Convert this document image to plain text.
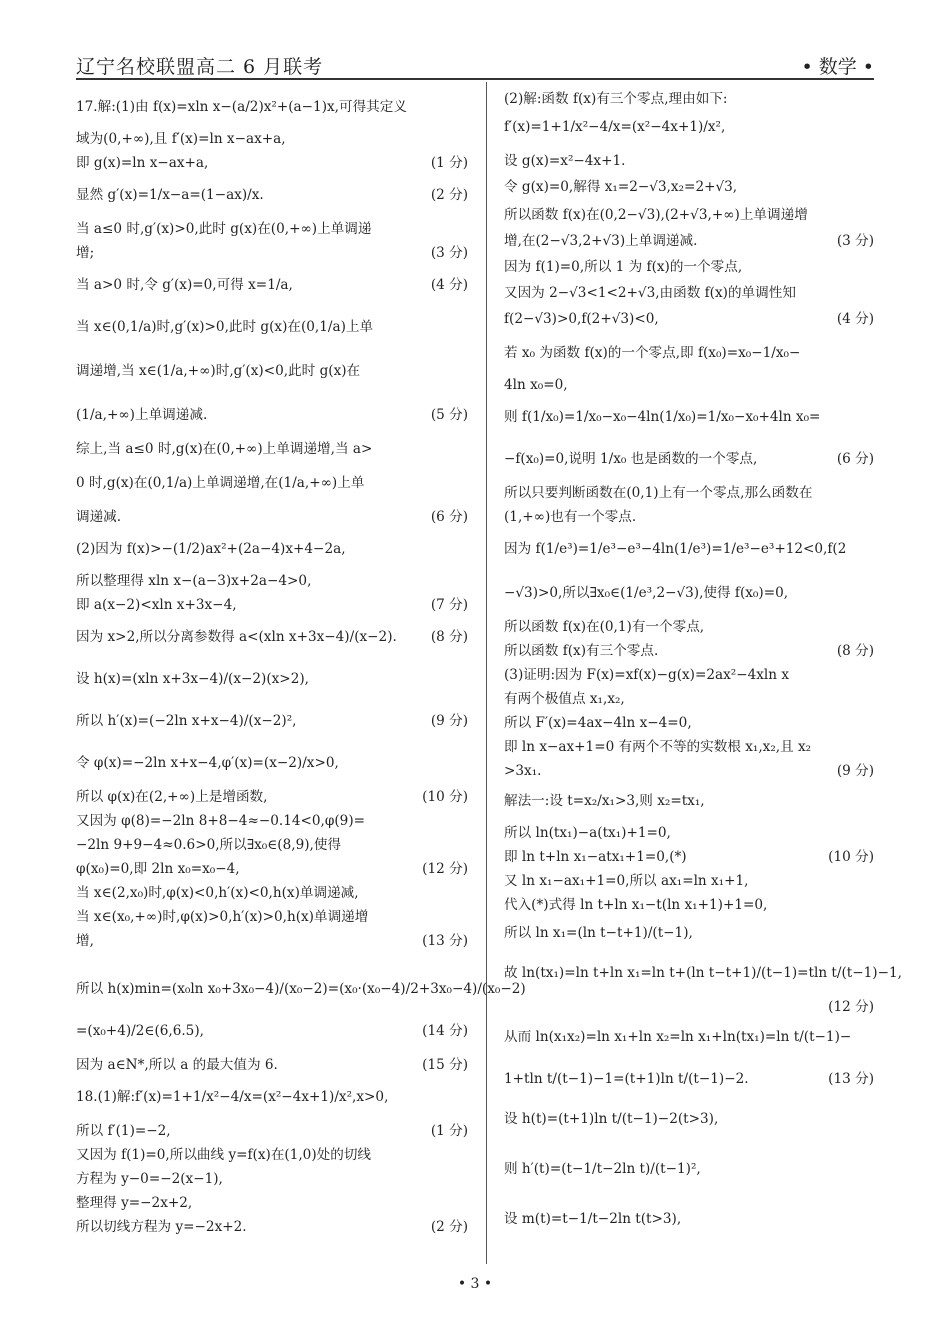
辽宁名校联盟高二 6 月联考	• 数学 •
17.解:(1)由 f(x)=xln x−(a/2)x²+(a−1)x,可得其定义
域为(0,+∞),且 f′(x)=ln x−ax+a,
即 g(x)=ln x−ax+a,	(1 分)
显然 g′(x)=1/x−a=(1−ax)/x.	(2 分)
当 a≤0 时,g′(x)>0,此时 g(x)在(0,+∞)上单调递
增;	(3 分)
当 a>0 时,令 g′(x)=0,可得 x=1/a,	(4 分)
当 x∈(0,1/a)时,g′(x)>0,此时 g(x)在(0,1/a)上单
调递增,当 x∈(1/a,+∞)时,g′(x)<0,此时 g(x)在
(1/a,+∞)上单调递减.	(5 分)
综上,当 a≤0 时,g(x)在(0,+∞)上单调递增,当 a>
0 时,g(x)在(0,1/a)上单调递增,在(1/a,+∞)上单
调递减.	(6 分)
(2)因为 f(x)>−(1/2)ax²+(2a−4)x+4−2a,
所以整理得 xln x−(a−3)x+2a−4>0,
即 a(x−2)<xln x+3x−4,	(7 分)
因为 x>2,所以分离参数得 a<(xln x+3x−4)/(x−2).	(8 分)
设 h(x)=(xln x+3x−4)/(x−2)(x>2),
所以 h′(x)=(−2ln x+x−4)/(x−2)²,	(9 分)
令 φ(x)=−2ln x+x−4,φ′(x)=(x−2)/x>0,
所以 φ(x)在(2,+∞)上是增函数,	(10 分)
又因为 φ(8)=−2ln 8+8−4≈−0.14<0,φ(9)=
−2ln 9+9−4≈0.6>0,所以∃x₀∈(8,9),使得
φ(x₀)=0,即 2ln x₀=x₀−4,	(12 分)
当 x∈(2,x₀)时,φ(x)<0,h′(x)<0,h(x)单调递减,
当 x∈(x₀,+∞)时,φ(x)>0,h′(x)>0,h(x)单调递增
增,	(13 分)
所以 h(x)min=(x₀ln x₀+3x₀−4)/(x₀−2)=(x₀·(x₀−4)/2+3x₀−4)/(x₀−2)
=(x₀+4)/2∈(6,6.5),	(14 分)
因为 a∈N*,所以 a 的最大值为 6.	(15 分)
18.(1)解:f′(x)=1+1/x²−4/x=(x²−4x+1)/x²,x>0,
所以 f′(1)=−2,	(1 分)
又因为 f(1)=0,所以曲线 y=f(x)在(1,0)处的切线
方程为 y−0=−2(x−1),
整理得 y=−2x+2,
所以切线方程为 y=−2x+2.	(2 分)
(2)解:函数 f(x)有三个零点,理由如下:
f′(x)=1+1/x²−4/x=(x²−4x+1)/x²,
设 g(x)=x²−4x+1.
令 g(x)=0,解得 x₁=2−√3,x₂=2+√3,
所以函数 f(x)在(0,2−√3),(2+√3,+∞)上单调递增
增,在(2−√3,2+√3)上单调递减.	(3 分)
因为 f(1)=0,所以 1 为 f(x)的一个零点,
又因为 2−√3<1<2+√3,由函数 f(x)的单调性知
f(2−√3)>0,f(2+√3)<0,	(4 分)
若 x₀ 为函数 f(x)的一个零点,即 f(x₀)=x₀−1/x₀−
4ln x₀=0,
则 f(1/x₀)=1/x₀−x₀−4ln(1/x₀)=1/x₀−x₀+4ln x₀=
−f(x₀)=0,说明 1/x₀ 也是函数的一个零点,	(6 分)
所以只要判断函数在(0,1)上有一个零点,那么函数在
(1,+∞)也有一个零点.
因为 f(1/e³)=1/e³−e³−4ln(1/e³)=1/e³−e³+12<0,f(2
−√3)>0,所以∃x₀∈(1/e³,2−√3),使得 f(x₀)=0,
所以函数 f(x)在(0,1)有一个零点,
所以函数 f(x)有三个零点.	(8 分)
(3)证明:因为 F(x)=xf(x)−g(x)=2ax²−4xln x
有两个极值点 x₁,x₂,
所以 F′(x)=4ax−4ln x−4=0,
即 ln x−ax+1=0 有两个不等的实数根 x₁,x₂,且 x₂
>3x₁.	(9 分)
解法一:设 t=x₂/x₁>3,则 x₂=tx₁,
所以 ln(tx₁)−a(tx₁)+1=0,
即 ln t+ln x₁−atx₁+1=0,(*)	(10 分)
又 ln x₁−ax₁+1=0,所以 ax₁=ln x₁+1,
代入(*)式得 ln t+ln x₁−t(ln x₁+1)+1=0,
所以 ln x₁=(ln t−t+1)/(t−1),
故 ln(tx₁)=ln t+ln x₁=ln t+(ln t−t+1)/(t−1)=tln t/(t−1)−1,
(12 分)
从而 ln(x₁x₂)=ln x₁+ln x₂=ln x₁+ln(tx₁)=ln t/(t−1)−
1+tln t/(t−1)−1=(t+1)ln t/(t−1)−2.	(13 分)
设 h(t)=(t+1)ln t/(t−1)−2(t>3),
则 h′(t)=(t−1/t−2ln t)/(t−1)²,
设 m(t)=t−1/t−2ln t(t>3),
• 3 •
